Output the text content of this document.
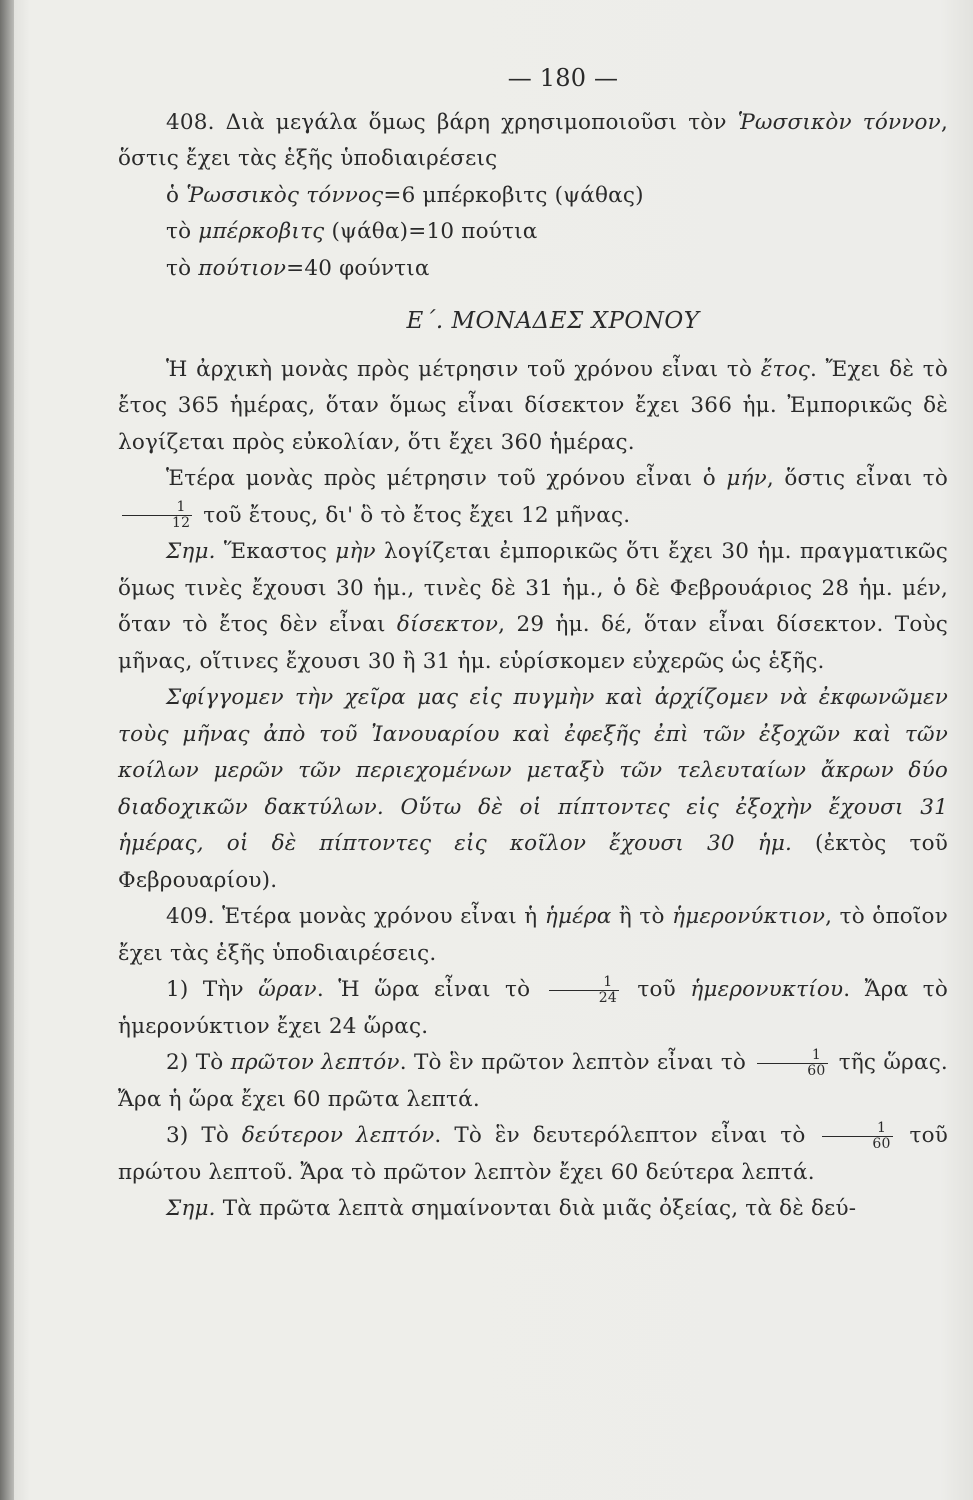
— 180 —

408. Διὰ μεγάλα ὅμως βάρη χρησιμοποιοῦσι τὸν Ῥωσσικὸν τόννον, ὅστις ἔχει τὰς ἑξῆς ὑποδιαιρέσεις

ὁ Ῥωσσικὸς τόννος=6 μπέρκοβιτς (ψάθας)

τὸ μπέρκοβιτς (ψάθα)=10 πούτια

τὸ πούτιον=40 φούντια

Ε΄. ΜΟΝΑΔΕΣ ΧΡΟΝΟΥ

Ἡ ἀρχικὴ μονὰς πρὸς μέτρησιν τοῦ χρόνου εἶναι τὸ ἔτος. Ἔχει δὲ τὸ ἔτος 365 ἡμέρας, ὅταν ὅμως εἶναι δίσεκτον ἔχει 366 ἡμ. Ἐμπορικῶς δὲ λογίζεται πρὸς εὐκολίαν, ὅτι ἔχει 360 ἡμέρας.

Ἑτέρα μονὰς πρὸς μέτρησιν τοῦ χρόνου εἶναι ὁ μήν, ὅστις εἶναι τὸ
$\frac{1}{12}$ τοῦ ἔτους, δι' ὃ τὸ ἔτος ἔχει 12 μῆνας.

Σημ. Ἕκαστος μὴν λογίζεται ἐμπορικῶς ὅτι ἔχει 30 ἡμ. πραγματικῶς ὅμως τινὲς ἔχουσι 30 ἡμ., τινὲς δὲ 31 ἡμ., ὁ δὲ Φεβρουάριος 28 ἡμ. μέν, ὅταν τὸ ἔτος δὲν εἶναι δίσεκτον, 29 ἡμ. δέ, ὅταν εἶναι δίσεκτον. Τοὺς μῆνας, οἵτινες ἔχουσι 30 ἢ 31 ἡμ. εὑρίσκομεν εὐχερῶς ὡς ἑξῆς.

Σφίγγομεν τὴν χεῖρα μας εἰς πυγμὴν καὶ ἀρχίζομεν νὰ ἐκφωνῶμεν τοὺς μῆνας ἀπὸ τοῦ Ἰανουαρίου καὶ ἐφεξῆς ἐπὶ τῶν ἐξοχῶν καὶ τῶν κοίλων μερῶν τῶν περιεχομένων μεταξὺ τῶν τελευταίων ἄκρων δύο διαδοχικῶν δακτύλων. Οὕτω δὲ οἱ πίπτοντες εἰς ἐξοχὴν ἔχουσι 31 ἡμέρας, οἱ δὲ πίπτοντες εἰς κοῖλον ἔχουσι 30 ἡμ. (ἐκτὸς τοῦ Φεβρουαρίου).

409. Ἑτέρα μονὰς χρόνου εἶναι ἡ ἡμέρα ἢ τὸ ἡμερονύκτιον, τὸ ὁποῖον ἔχει τὰς ἑξῆς ὑποδιαιρέσεις.

1) Τὴν ὥραν. Ἡ ὥρα εἶναι τὸ $\frac{1}{24}$ τοῦ ἡμερονυκτίου. Ἄρα τὸ ἡμερονύκτιον ἔχει 24 ὥρας.

2) Τὸ πρῶτον λεπτόν. Τὸ ἓν πρῶτον λεπτὸν εἶναι τὸ $\frac{1}{60}$ τῆς ὥρας. Ἄρα ἡ ὥρα ἔχει 60 πρῶτα λεπτά.

3) Τὸ δεύτερον λεπτόν. Τὸ ἓν δευτερόλεπτον εἶναι τὸ $\frac{1}{60}$ τοῦ πρώτου λεπτοῦ. Ἄρα τὸ πρῶτον λεπτὸν ἔχει 60 δεύτερα λεπτά.

Σημ. Τὰ πρῶτα λεπτὰ σημαίνονται διὰ μιᾶς ὀξείας, τὰ δὲ δεύ-
